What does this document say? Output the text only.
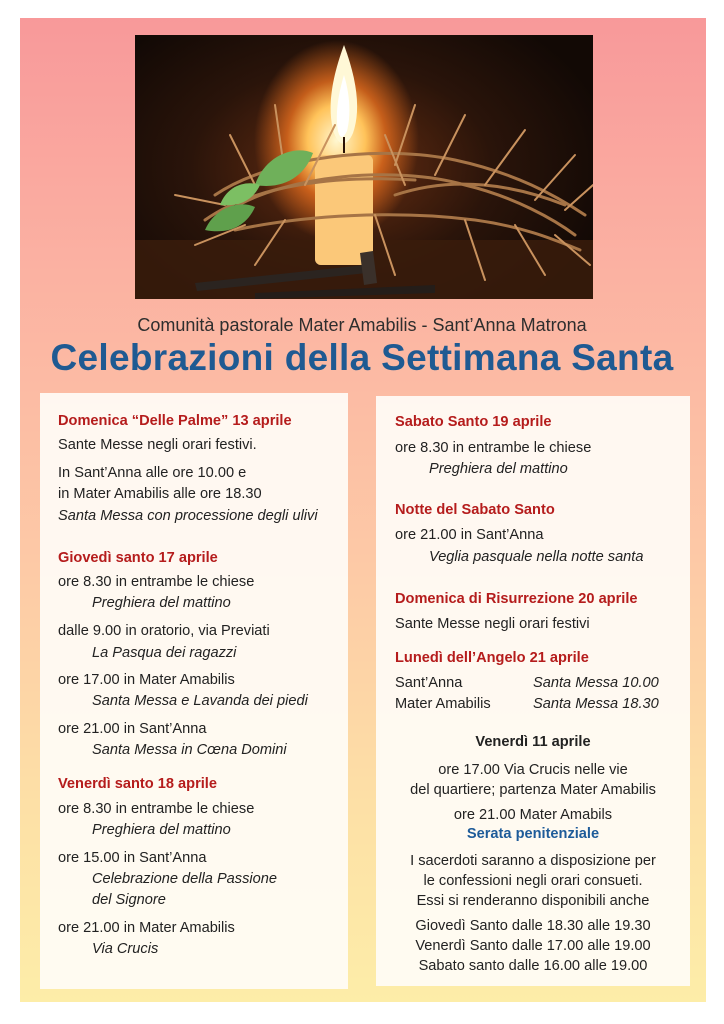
Comunità pastorale Mater Amabilis - Sant’Anna Matrona
Celebrazioni della Settimana Santa
Domenica “Delle Palme” 13 aprile
Sante Messe negli orari festivi.
In Sant’Anna alle ore 10.00 e
in Mater Amabilis alle ore 18.30
Santa Messa con processione degli ulivi
Giovedì santo 17 aprile
ore 8.30 in entrambe le chiese
Preghiera del mattino
dalle 9.00 in oratorio, via Previati
La Pasqua dei ragazzi
ore 17.00 in Mater Amabilis
Santa Messa e Lavanda dei piedi
ore 21.00 in Sant’Anna
Santa Messa in Cœna Domini
Venerdì santo 18 aprile
ore 8.30 in entrambe le chiese
Preghiera del mattino
ore 15.00 in Sant’Anna
Celebrazione della Passione
del Signore
ore 21.00 in Mater Amabilis
Via Crucis
Sabato Santo 19 aprile
ore 8.30 in entrambe le chiese
Preghiera del mattino
Notte del Sabato Santo
ore 21.00 in Sant’Anna
Veglia pasquale nella notte santa
Domenica di Risurrezione 20 aprile
Sante Messe negli orari festivi
Lunedì dell’Angelo 21 aprile
Sant’Anna	Santa Messa 10.00
Mater Amabilis	Santa Messa 18.30
Venerdì 11 aprile
ore 17.00 Via Crucis nelle vie
del quartiere; partenza Mater Amabilis
ore 21.00 Mater Amabils
Serata penitenziale
I sacerdoti saranno a disposizione per
le confessioni negli orari consueti.
Essi si renderanno disponibili anche
Giovedì Santo dalle 18.30 alle 19.30
Venerdì Santo dalle 17.00 alle 19.00
Sabato santo dalle 16.00 alle 19.00
